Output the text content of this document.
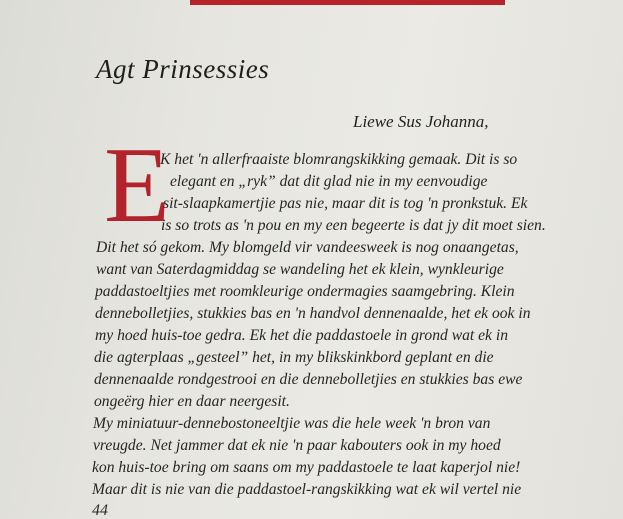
Agt Prinsessies
Liewe Sus Johanna,
E
K het 'n allerfraaiste blomrangskikking gemaak. Dit is so
elegant en „ryk” dat dit glad nie in my eenvoudige
sit-slaapkamertjie pas nie, maar dit is tog 'n pronkstuk. Ek
is so trots as 'n pou en my een begeerte is dat jy dit moet sien.
Dit het só gekom. My blomgeld vir vandeesweek is nog onaangetas,
want van Saterdagmiddag se wandeling het ek klein, wynkleurige
paddastoeltjies met roomkleurige ondermagies saamgebring. Klein
dennebolletjies, stukkies bas en 'n handvol dennenaalde, het ek ook in
my hoed huis-toe gedra. Ek het die paddastoele in grond wat ek in
die agterplaas „gesteel” het, in my blikskinkbord geplant en die
dennenaalde rondgestrooi en die dennebolletjies en stukkies bas ewe
ongeërg hier en daar neergesit.
My miniatuur-dennebostoneeltjie was die hele week 'n bron van
vreugde. Net jammer dat ek nie 'n paar kabouters ook in my hoed
kon huis-toe bring om saans om my paddastoele te laat kaperjol nie!
Maar dit is nie van die paddastoel-rangskikking wat ek wil vertel nie
44
